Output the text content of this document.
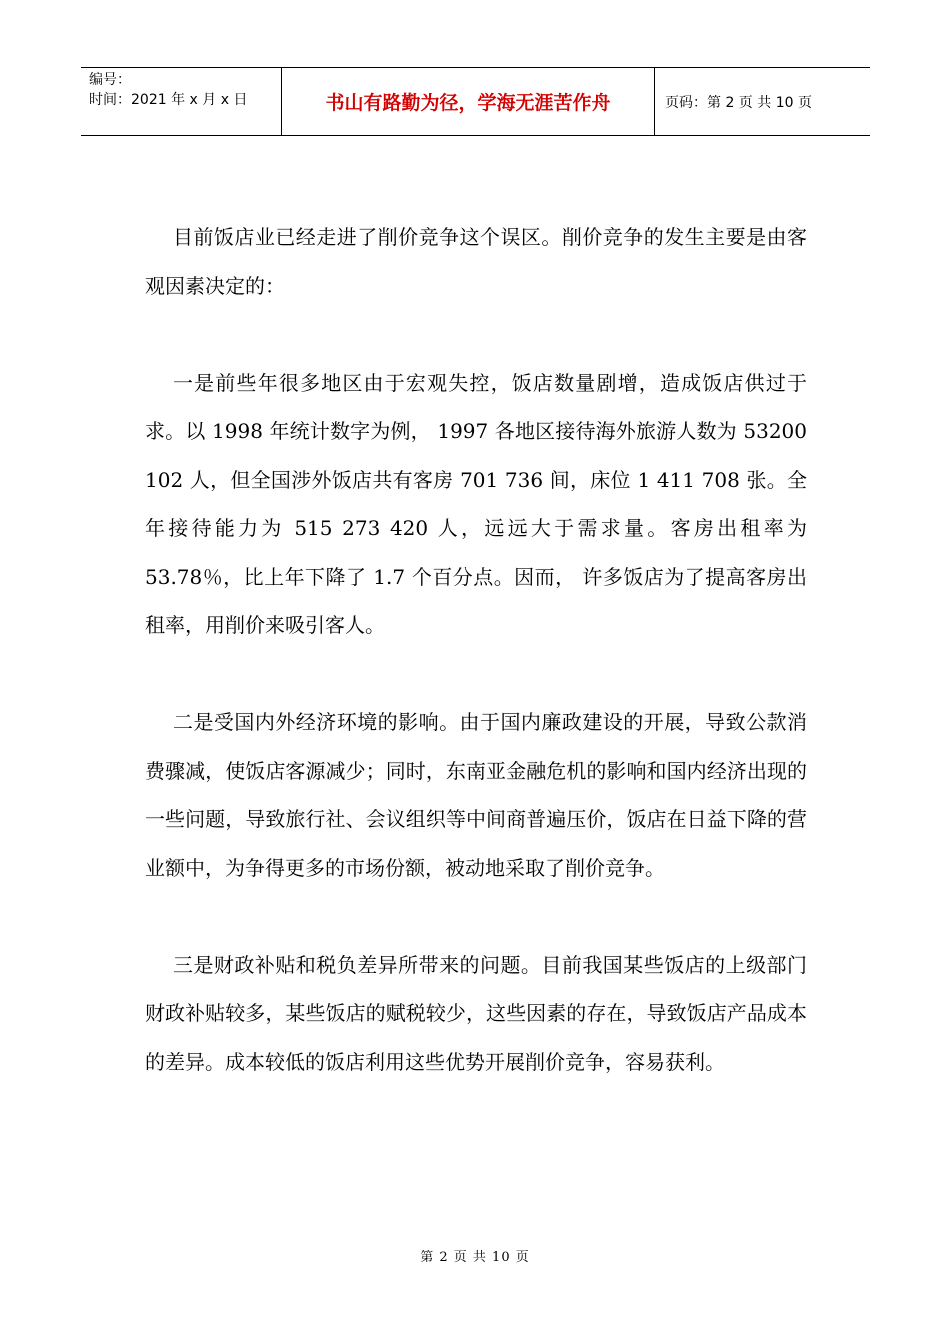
编号：
时间：2021 年 x 月 x 日	书山有路勤为径，学海无涯苦作舟	页码：第 2 页 共 10 页

目前饭店业已经走进了削价竞争这个误区。削价竞争的发生主要是由客观因素决定的：

一是前些年很多地区由于宏观失控，饭店数量剧增，造成饭店供过于求。以 1998 年统计数字为例， 1997 各地区接待海外旅游人数为 53200 102 人，但全国涉外饭店共有客房 701 736 间，床位 1 411 708 张。全年接待能力为 515 273 420 人，远远大于需求量。客房出租率为 53.78％，比上年下降了 1.7 个百分点。因而， 许多饭店为了提高客房出租率，用削价来吸引客人。

二是受国内外经济环境的影响。由于国内廉政建设的开展，导致公款消费骤减，使饭店客源减少；同时，东南亚金融危机的影响和国内经济出现的一些问题，导致旅行社、会议组织等中间商普遍压价，饭店在日益下降的营业额中，为争得更多的市场份额，被动地采取了削价竞争。

三是财政补贴和税负差异所带来的问题。目前我国某些饭店的上级部门财政补贴较多，某些饭店的赋税较少，这些因素的存在，导致饭店产品成本的差异。成本较低的饭店利用这些优势开展削价竞争，容易获利。

第 2 页 共 10 页
